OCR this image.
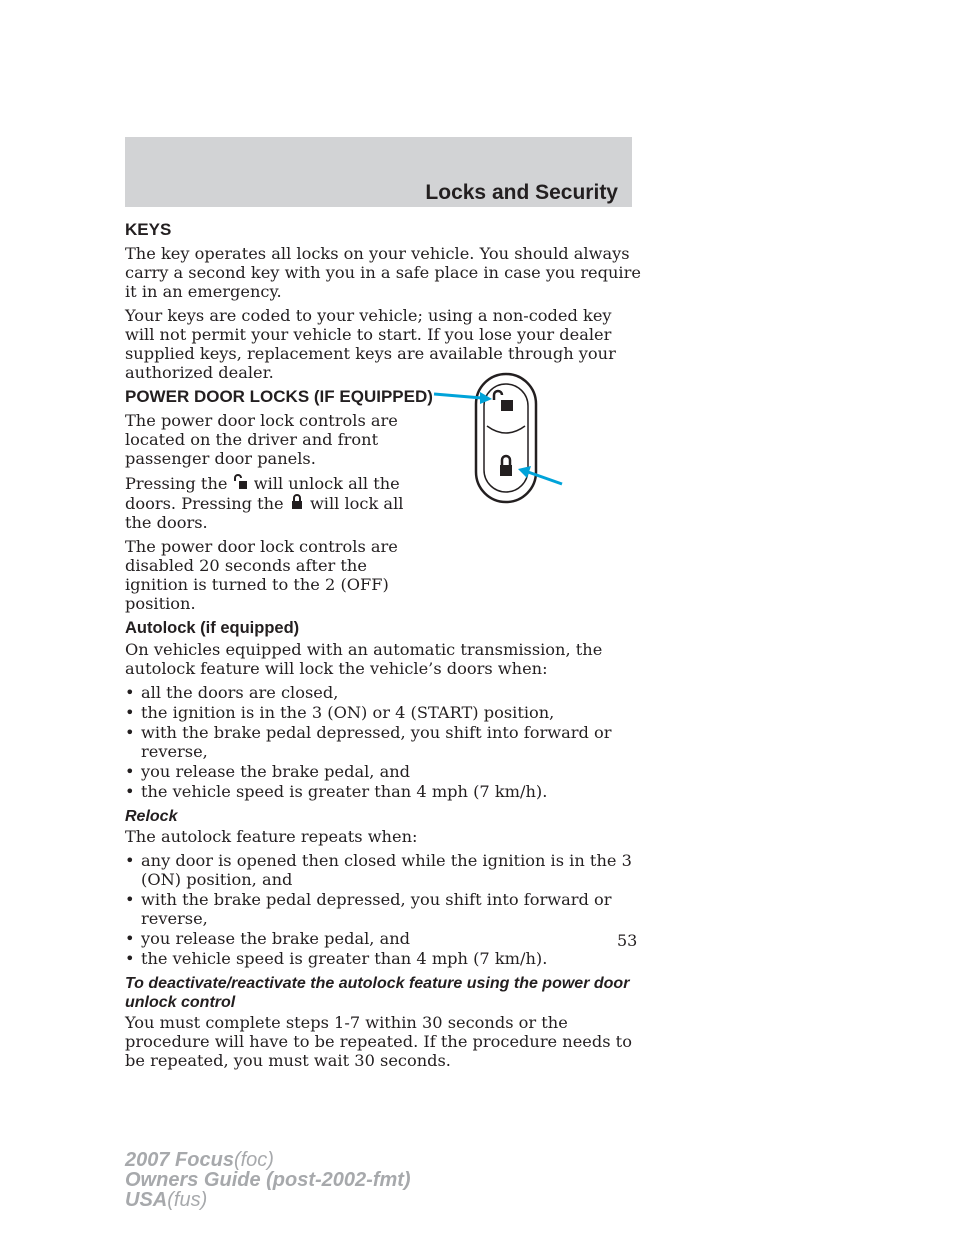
Locks and Security
KEYS

The key operates all locks on your vehicle. You should always carry a second key with you in a safe place in case you require it in an emergency.

Your keys are coded to your vehicle; using a non-coded key will not permit your vehicle to start. If you lose your dealer supplied keys, replacement keys are available through your authorized dealer.

POWER DOOR LOCKS (IF EQUIPPED)

The power door lock controls are located on the driver and front passenger door panels.

Pressing the will unlock all the doors. Pressing the will lock all the doors.

The power door lock controls are disabled 20 seconds after the ignition is turned to the 2 (OFF) position.

Autolock (if equipped)

On vehicles equipped with an automatic transmission, the autolock feature will lock the vehicle’s doors when:

• all the doors are closed,
• the ignition is in the 3 (ON) or 4 (START) position,
• with the brake pedal depressed, you shift into forward or reverse,
• you release the brake pedal, and
• the vehicle speed is greater than 4 mph (7 km/h).
Relock

The autolock feature repeats when:

• any door is opened then closed while the ignition is in the 3 (ON) position, and
• with the brake pedal depressed, you shift into forward or reverse,
• you release the brake pedal, and
• the vehicle speed is greater than 4 mph (7 km/h).
To deactivate/reactivate the autolock feature using the power door unlock control

You must complete steps 1-7 within 30 seconds or the procedure will have to be repeated. If the procedure needs to be repeated, you must wait 30 seconds.

53
2007 Focus(foc)
Owners Guide (post-2002-fmt)
USA(fus)
